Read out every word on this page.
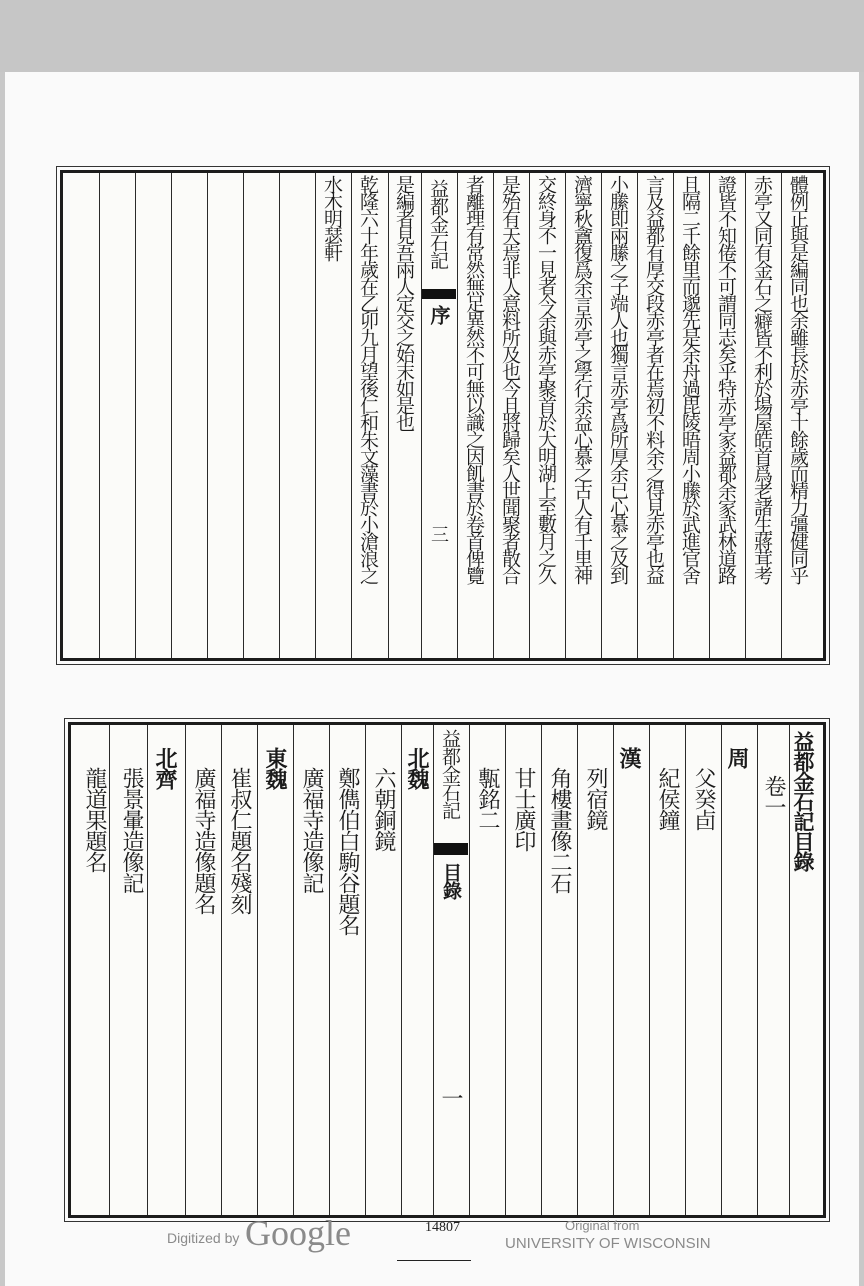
體例正與是編同也余雖長於赤亭十餘歲而精力彊健同乎
赤亭又同有金石之癖皆不利於場屋皓首爲老諸生蔣茸考
證皆不知倦不可謂同志矣乎特赤亭家益都余家武林道路
且隔二千餘里而邈先是余舟過毘陵晤周小縢於武進官舍
言及益都有厚交段赤亭者在焉初不料余之得見赤亭也益
小縢即兩縢之子端人也獨言赤亭爲所厚余已心慕之及到
濟寧秋盦復爲余言赤亭之學行余益心慕之古人有千里神
交終身不一見者今余與赤亭聚首於大明湖上至數月之久
是殆有天焉非人意料所及也今且將歸矣人世聞聚者散合
者離理有常然無足異然不可無以識之因飢書於卷首俾覽
益都金石記
序
三
是編者見吾兩人定交之始末如是也
乾隆六十年歲在乙卯九月望後仁和朱文藻書於小滄浪之
水木明瑟軒
益都金石記目錄
卷一
周
父癸卣
紀侯鐘
漢
列宿鏡
角樓畫像二石
甘士廣印
甎銘二
益都金石記
目錄
一
北魏
六朝銅鏡
鄭儁伯白駒谷題名
廣福寺造像記
東魏
崔叔仁題名殘刻
廣福寺造像題名
北齊
張景暈造像記
龍道果題名
Digitized by Google	14807	Original from
UNIVERSITY OF WISCONSIN
